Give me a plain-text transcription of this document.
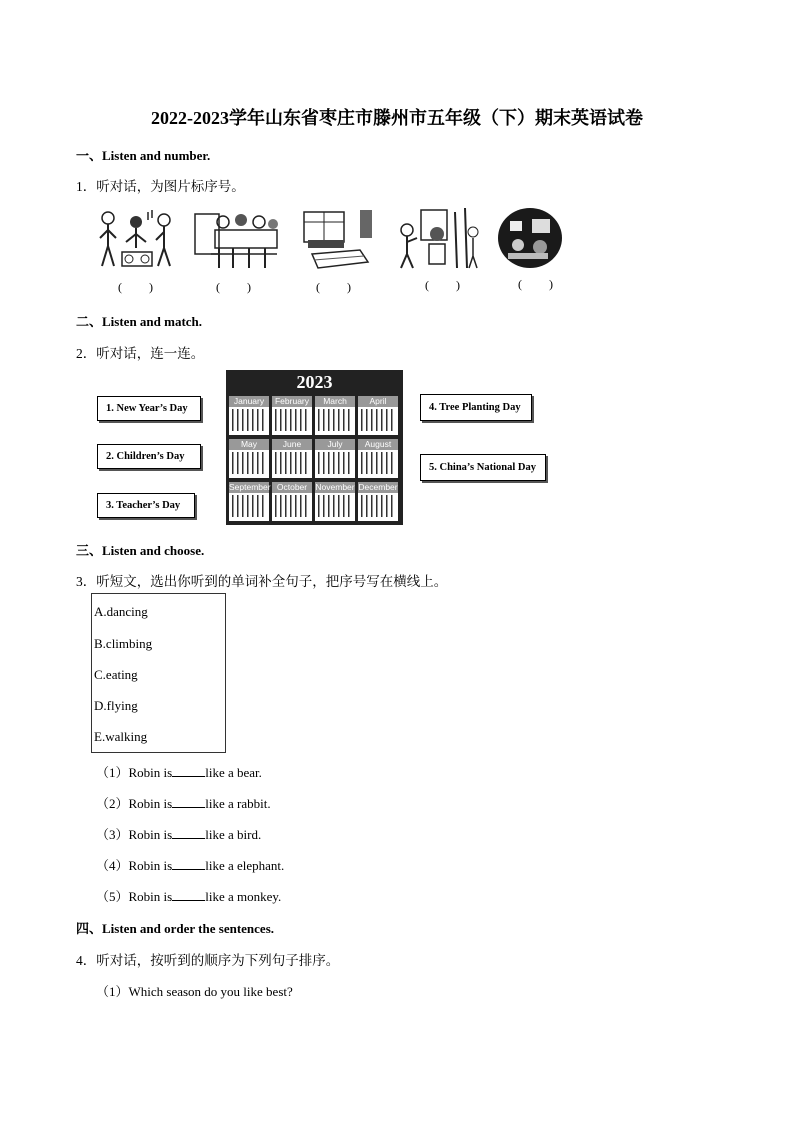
2022-2023学年山东省枣庄市滕州市五年级（下）期末英语试卷
一、Listen and number.
1．听对话，为图片标序号。
(　　)	(　　)	(　　)	(　　)	(　　)
二、Listen and match.
2．听对话，连一连。
1. New Year’s Day
2. Children’s Day
3. Teacher’s Day
4. Tree Planting Day
5. China’s National Day
2023
January	February	March	April
May	June	July	August
September October November December
三、Listen and choose.
3．听短文，选出你听到的单词补全句子，把序号写在横线上。
A.dancing
B.climbing
C.eating
D.flying
E.walking
（1）Robin is	like a bear.
（2）Robin is	like a rabbit.
（3）Robin is	like a bird.
（4）Robin is	like a elephant.
（5）Robin is	like a monkey.
四、Listen and order the sentences.
4．听对话，按听到的顺序为下列句子排序。
（1）Which season do you like best?
